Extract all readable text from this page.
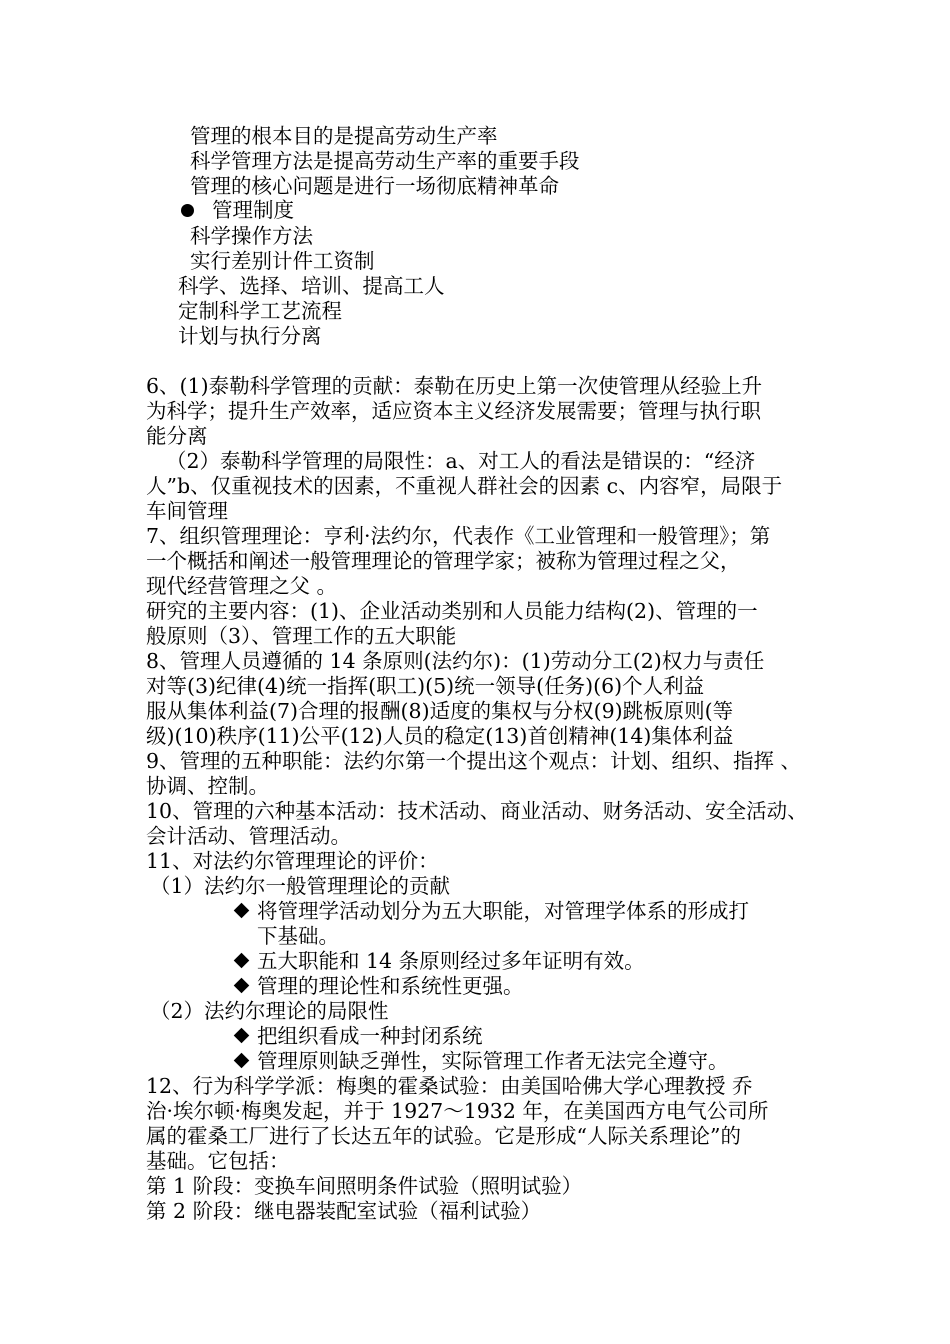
管理的根本目的是提高劳动生产率
科学管理方法是提高劳动生产率的重要手段
管理的核心问题是进行一场彻底精神革命
管理制度
科学操作方法
实行差别计件工资制
科学、选择、培训、提高工人
定制科学工艺流程
计划与执行分离
6、(1)泰勒科学管理的贡献：泰勒在历史上第一次使管理从经验上升
为科学；提升生产效率，适应资本主义经济发展需要；管理与执行职
能分离
（2）泰勒科学管理的局限性：a、对工人的看法是错误的：“经济
人”b、仅重视技术的因素，不重视人群社会的因素 c、内容窄，局限于
车间管理
7、组织管理理论：亨利·法约尔，代表作《工业管理和一般管理》；第
一个概括和阐述一般管理理论的管理学家；被称为管理过程之父，
现代经营管理之父 。
研究的主要内容：(1)、企业活动类别和人员能力结构(2)、管理的一
般原则（3）、管理工作的五大职能
8、管理人员遵循的 14 条原则(法约尔)：(1)劳动分工(2)权力与责任
对等(3)纪律(4)统一指挥(职工)(5)统一领导(任务)(6)个人利益
服从集体利益(7)合理的报酬(8)适度的集权与分权(9)跳板原则(等
级)(10)秩序(11)公平(12)人员的稳定(13)首创精神(14)集体利益
9、管理的五种职能：法约尔第一个提出这个观点：计划、组织、指挥 、
协调、控制。
10、管理的六种基本活动：技术活动、商业活动、财务活动、安全活动、
会计活动、管理活动。
11、对法约尔管理理论的评价：
（1）法约尔一般管理理论的贡献
将管理学活动划分为五大职能，对管理学体系的形成打
下基础。
五大职能和 14 条原则经过多年证明有效。
管理的理论性和系统性更强。
（2）法约尔理论的局限性
把组织看成一种封闭系统
管理原则缺乏弹性，实际管理工作者无法完全遵守。
12、行为科学学派：梅奥的霍桑试验：由美国哈佛大学心理教授 乔
治·埃尔顿·梅奥发起，并于 1927～1932 年，在美国西方电气公司所
属的霍桑工厂进行了长达五年的试验。它是形成“人际关系理论”的
基础。它包括：
第 1 阶段：变换车间照明条件试验（照明试验）
第 2 阶段：继电器装配室试验（福利试验）
